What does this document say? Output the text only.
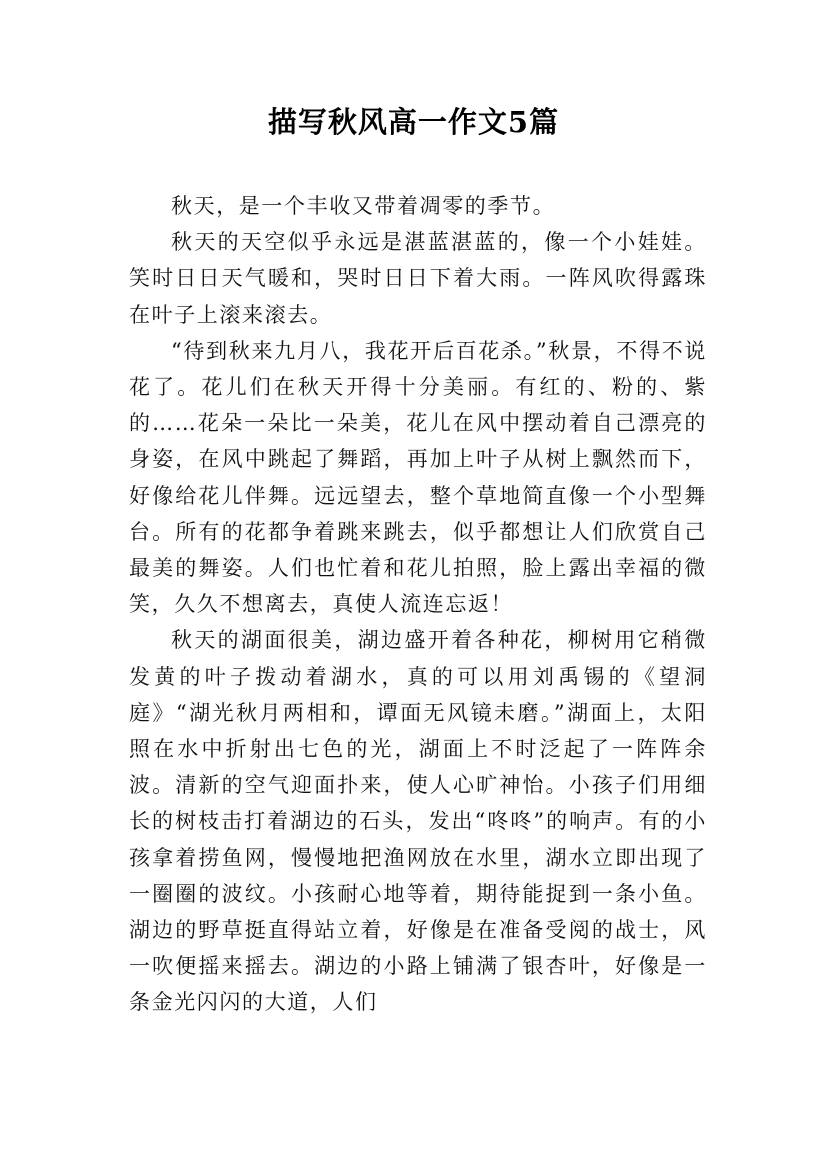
描写秋风高一作文5篇

秋天，是一个丰收又带着凋零的季节。

秋天的天空似乎永远是湛蓝湛蓝的，像一个小娃娃。笑时日日天气暖和，哭时日日下着大雨。一阵风吹得露珠在叶子上滚来滚去。

“待到秋来九月八，我花开后百花杀。”秋景，不得不说花了。花儿们在秋天开得十分美丽。有红的、粉的、紫的……花朵一朵比一朵美，花儿在风中摆动着自己漂亮的身姿，在风中跳起了舞蹈，再加上叶子从树上飘然而下，好像给花儿伴舞。远远望去，整个草地简直像一个小型舞台。所有的花都争着跳来跳去，似乎都想让人们欣赏自己最美的舞姿。人们也忙着和花儿拍照，脸上露出幸福的微笑，久久不想离去，真使人流连忘返！

秋天的湖面很美，湖边盛开着各种花，柳树用它稍微发黄的叶子拨动着湖水，真的可以用刘禹锡的《望洞庭》“湖光秋月两相和，谭面无风镜未磨。”湖面上，太阳照在水中折射出七色的光，湖面上不时泛起了一阵阵余波。清新的空气迎面扑来，使人心旷神怡。小孩子们用细长的树枝击打着湖边的石头，发出“咚咚”的响声。有的小孩拿着捞鱼网，慢慢地把渔网放在水里，湖水立即出现了一圈圈的波纹。小孩耐心地等着，期待能捉到一条小鱼。湖边的野草挺直得站立着，好像是在准备受阅的战士，风一吹便摇来摇去。湖边的小路上铺满了银杏叶，好像是一条金光闪闪的大道，人们
